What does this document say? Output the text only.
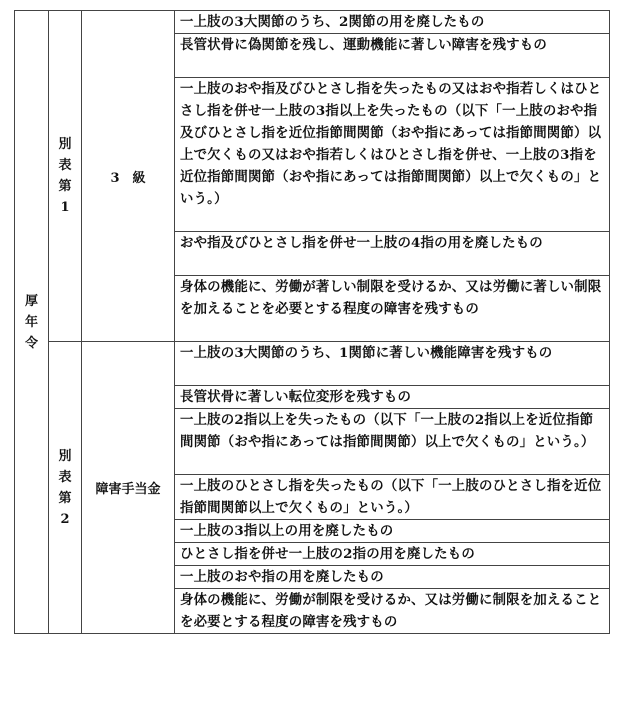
厚
年
令	別
表
第
1	3　級	一上肢の3大関節のうち、2関節の用を廃したもの
			長管状骨に偽関節を残し、運動機能に著しい障害を残すもの
			一上肢のおや指及びひとさし指を失ったもの又はおや指若しくはひとさし指を併せ一上肢の3指以上を失ったもの（以下「一上肢のおや指及びひとさし指を近位指節間関節（おや指にあっては指節間関節）以上で欠くもの又はおや指若しくはひとさし指を併せ、一上肢の3指を近位指節間関節（おや指にあっては指節間関節）以上で欠くもの」という。）
			おや指及びひとさし指を併せ一上肢の4指の用を廃したもの
			身体の機能に、労働が著しい制限を受けるか、又は労働に著しい制限を加えることを必要とする程度の障害を残すもの

	別
表
第
2	障害手当金	一上肢の3大関節のうち、1関節に著しい機能障害を残すもの
			長管状骨に著しい転位変形を残すもの
			一上肢の2指以上を失ったもの（以下「一上肢の2指以上を近位指節間関節（おや指にあっては指節間関節）以上で欠くもの」という。）
			一上肢のひとさし指を失ったもの（以下「一上肢のひとさし指を近位指節間関節以上で欠くもの」という。）
			一上肢の3指以上の用を廃したもの
			ひとさし指を併せ一上肢の2指の用を廃したもの
			一上肢のおや指の用を廃したもの
			身体の機能に、労働が制限を受けるか、又は労働に制限を加えることを必要とする程度の障害を残すもの
